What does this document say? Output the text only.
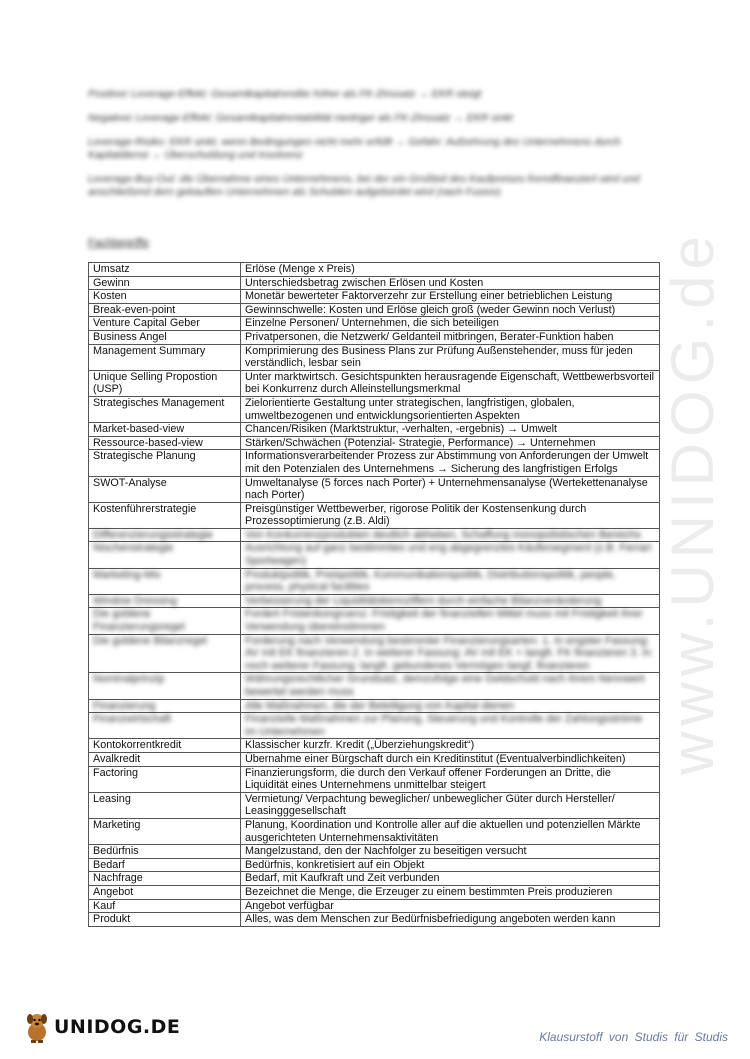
Positiver Leverage-Effekt: Gesamtkapitalrendite höher als FK-Zinssatz → EKR steigt

Negativer Leverage-Effekt: Gesamtkapitalrentabilität niedriger als FK-Zinssatz → EKR sinkt

Leverage-Risiko: EKR sinkt, wenn Bedingungen nicht mehr erfüllt → Gefahr: Aufzehrung des Unternehmens durch Kapitaldienst → Überschuldung und Insolvenz

Leverage-Buy-Out: die Übernahme eines Unternehmens, bei der ein Großteil des Kaufpreises fremdfinanziert wird und anschließend dem gekauften Unternehmen als Schulden aufgebürdet wird (nach Fusion)

Fachbegriffe	www.UNIDOG.de
Umsatz	Erlöse (Menge x Preis)
Gewinn	Unterschiedsbetrag zwischen Erlösen und Kosten
Kosten	Monetär bewerteter Faktorverzehr zur Erstellung einer betrieblichen Leistung
Break-even-point	Gewinnschwelle: Kosten und Erlöse gleich groß (weder Gewinn noch Verlust)
Venture Capital Geber	Einzelne Personen/ Unternehmen, die sich beteiligen
Business Angel	Privatpersonen, die Netzwerk/ Geldanteil mitbringen, Berater-Funktion haben
Management Summary	Komprimierung des Business Plans zur Prüfung Außenstehender, muss für jeden verständlich, lesbar sein
Unique Selling Propostion (USP)	Unter marktwirtsch. Gesichtspunkten herausragende Eigenschaft, Wettbewerbsvorteil bei Konkurrenz durch Alleinstellungsmerkmal
Strategisches Management	Zielorientierte Gestaltung unter strategischen, langfristigen, globalen, umweltbezogenen und entwicklungsorientierten Aspekten
Market-based-view	Chancen/Risiken (Marktstruktur, -verhalten, -ergebnis) → Umwelt
Ressource-based-view	Stärken/Schwächen (Potenzial- Strategie, Performance) → Unternehmen
Strategische Planung	Informationsverarbeitender Prozess zur Abstimmung von Anforderungen der Umwelt mit den Potenzialen des Unternehmens → Sicherung des langfristigen Erfolgs
SWOT-Analyse	Umweltanalyse (5 forces nach Porter) + Unternehmensanalyse (Wertekettenanalyse nach Porter)
Kostenführerstrategie	Preisgünstiger Wettbewerber, rigorose Politik der Kostensenkung durch Prozessoptimierung (z.B. Aldi)
Differenzierungsstrategie	Von Konkurrenzprodukten deutlich abheben, Schaffung monopolistischen Bereichs
Nischenstrategie	Ausrichtung auf ganz bestimmtes und eng abgegrenztes Käufersegment (z.B. Ferrari Sportwagen)
Marketing-Mix	Produktpolitik, Preispolitik, Kommunikationspolitik, Distributionspolitik, people, process, physical facilities
Window Dressing	Verbesserung der Liquiditätskennziffern durch einfache Bilanzveränderung
Die goldene Finanzierungsregel	Fordert Fristenkongruenz: Fristigkeit der finanziellen Mittel muss mit Fristigkeit ihrer Verwendung übereinstimmen
Die goldene Bilanzregel	Forderung nach Verwendung bestimmter Finanzierungsarten: 1. In engster Fassung: AV mit EK finanzieren 2. In weiterer Fassung: AV mit EK + langfr. FK finanzieren 3. In noch weiterer Fassung: langfr. gebundenes Vermögen langf. finanzieren
Nominalprinzip	Währungsrechtlicher Grundsatz, demzufolge eine Geldschuld nach ihrem Nennwert bewertet werden muss
Finanzierung	Alle Maßnahmen, die der Beteiligung von Kapital dienen
Finanzwirtschaft	Finanzielle Maßnahmen zur Planung, Steuerung und Kontrolle der Zahlungsströme im Unternehmen
Kontokorrentkredit	Klassischer kurzfr. Kredit („Überziehungskredit“)
Avalkredit	Übernahme einer Bürgschaft durch ein Kreditinstitut (Eventualverbindlichkeiten)
Factoring	Finanzierungsform, die durch den Verkauf offener Forderungen an Dritte, die Liquidität eines Unternehmens unmittelbar steigert
Leasing	Vermietung/ Verpachtung beweglicher/ unbeweglicher Güter durch Hersteller/ Leasingggesellschaft
Marketing	Planung, Koordination und Kontrolle aller auf die aktuellen und potenziellen Märkte ausgerichteten Unternehmensaktivitäten
Bedürfnis	Mangelzustand, den der Nachfolger zu beseitigen versucht
Bedarf	Bedürfnis, konkretisiert auf ein Objekt
Nachfrage	Bedarf, mit Kaufkraft und Zeit verbunden
Angebot	Bezeichnet die Menge, die Erzeuger zu einem bestimmten Preis produzieren
Kauf	Angebot verfügbar
Produkt	Alles, was dem Menschen zur Bedürfnisbefriedigung angeboten werden kann
UNIDOG.DE	Klausurstoff von Studis für Studis
